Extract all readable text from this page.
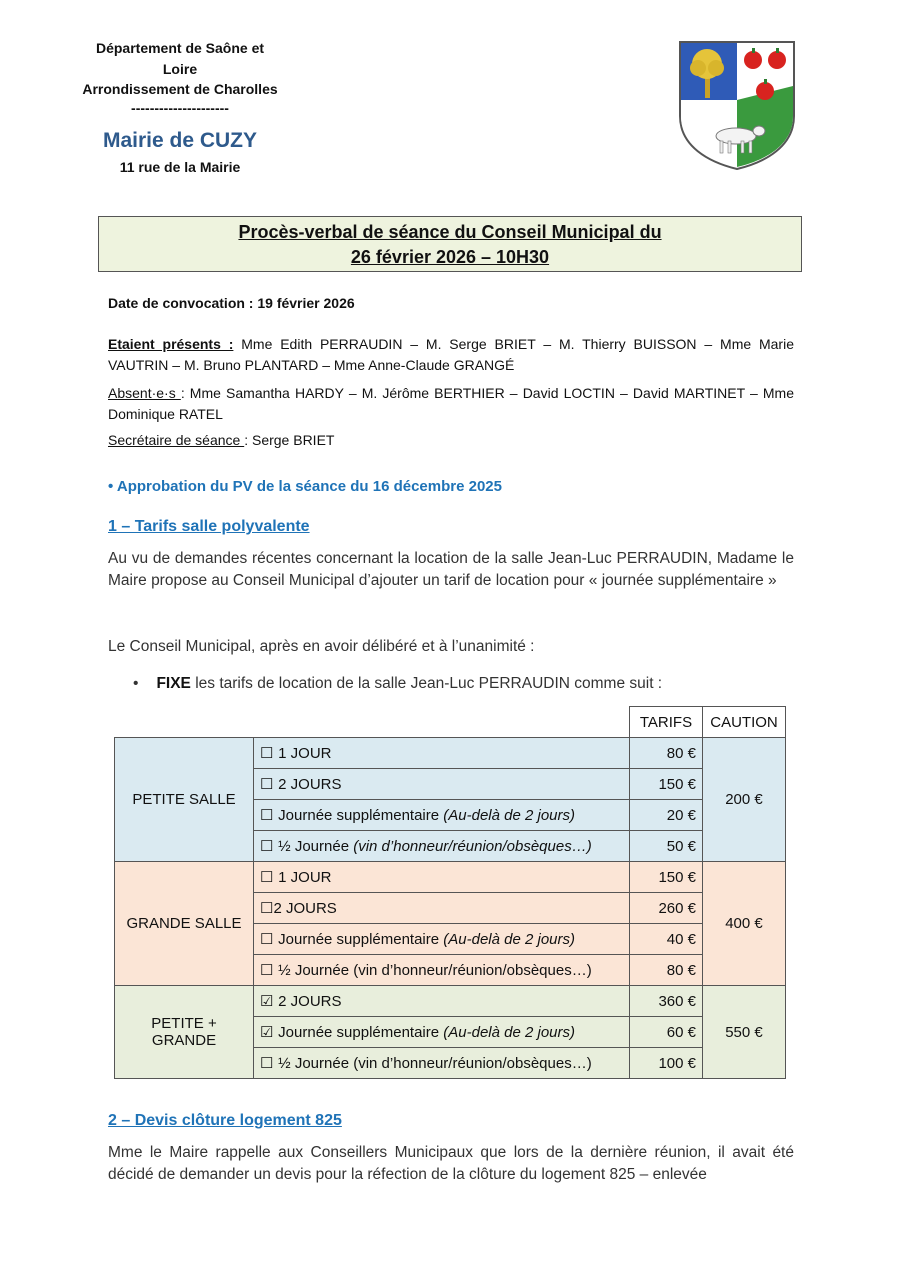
Département de Saône et
Loire
Arrondissement de Charolles
---------------------
Mairie de CUZY
11 rue de la Mairie
Procès-verbal de séance du Conseil Municipal du
26 février 2026 – 10H30
Date de convocation : 19 février 2026
Etaient présents : Mme Edith PERRAUDIN – M. Serge BRIET – M. Thierry BUISSON – Mme Marie VAUTRIN – M. Bruno PLANTARD – Mme Anne-Claude GRANGÉ
Absent·e·s : Mme Samantha HARDY – M. Jérôme BERTHIER – David LOCTIN – David MARTINET – Mme Dominique RATEL
Secrétaire de séance : Serge BRIET
• Approbation du PV de la séance du 16 décembre 2025
1 – Tarifs salle polyvalente
Au vu de demandes récentes concernant la location de la salle Jean-Luc PERRAUDIN, Madame le Maire propose au Conseil Municipal d’ajouter un tarif de location pour « journée supplémentaire »
Le Conseil Municipal, après en avoir délibéré et à l’unanimité :
• FIXE les tarifs de location de la salle Jean-Luc PERRAUDIN comme suit :
		TARIFS	CAUTION
PETITE SALLE	☐ 1 JOUR	80 €	200 €
	☐ 2 JOURS	150 €	
	☐ Journée supplémentaire (Au-delà de 2 jours)	20 €	
	☐ ½ Journée (vin d’honneur/réunion/obsèques…)	50 €	
GRANDE SALLE	☐ 1 JOUR	150 €	400 €
	☐2 JOURS	260 €	
	☐ Journée supplémentaire (Au-delà de 2 jours)	40 €	
	☐ ½ Journée (vin d’honneur/réunion/obsèques…)	80 €	

PETITE +
GRANDE	☑ 2 JOURS	360 €	550 €
	☑ Journée supplémentaire (Au-delà de 2 jours)	60 €	
	☐ ½ Journée (vin d’honneur/réunion/obsèques…)	100 €	
2 – Devis clôture logement 825
Mme le Maire rappelle aux Conseillers Municipaux que lors de la dernière réunion, il avait été décidé de demander un devis pour la réfection de la clôture du logement 825 – enlevée
